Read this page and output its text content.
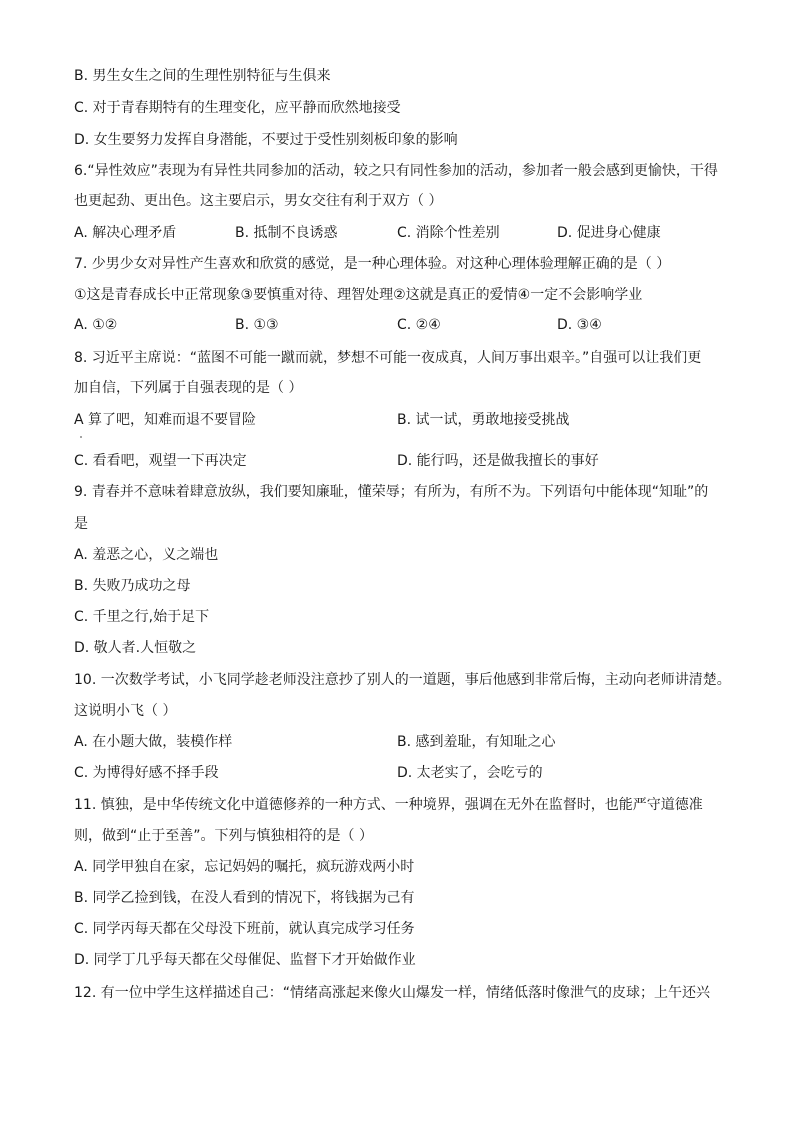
B. 男生女生之间的生理性别特征与生俱来
C. 对于青春期特有的生理变化，应平静而欣然地接受
D. 女生要努力发挥自身潜能，不要过于受性别刻板印象的影响
6.“异性效应”表现为有异性共同参加的活动，较之只有同性参加的活动，参加者一般会感到更愉快，干得
也更起劲、更出色。这主要启示，男女交往有利于双方（ ）
A. 解决心理矛盾	B. 抵制不良诱惑	C. 消除个性差别	D. 促进身心健康
7. 少男少女对异性产生喜欢和欣赏的感觉，是一种心理体验。对这种心理体验理解正确的是（ ）
①这是青春成长中正常现象③要慎重对待、理智处理②这就是真正的爱情④一定不会影响学业
A. ①②	B. ①③	C. ②④	D. ③④
8. 习近平主席说：“蓝图不可能一蹴而就，梦想不可能一夜成真，人间万事出艰辛。”自强可以让我们更
加自信，下列属于自强表现的是（ ）
A 算了吧，知难而退不要冒险	B. 试一试，勇敢地接受挑战
C. 看看吧，观望一下再决定	D. 能行吗，还是做我擅长的事好
9. 青春并不意味着肆意放纵，我们要知廉耻，懂荣辱；有所为，有所不为。下列语句中能体现“知耻”的
是
A. 羞恶之心，义之端也
B. 失败乃成功之母
C. 千里之行,始于足下
D. 敬人者.人恒敬之
10. 一次数学考试，小飞同学趁老师没注意抄了别人的一道题，事后他感到非常后悔，主动向老师讲清楚。
这说明小飞（ ）
A. 在小题大做，装模作样	B. 感到羞耻，有知耻之心
C. 为博得好感不择手段	D. 太老实了，会吃亏的
11. 慎独，是中华传统文化中道德修养的一种方式、一种境界，强调在无外在监督时，也能严守道德准
则，做到“止于至善”。下列与慎独相符的是（ ）
A. 同学甲独自在家，忘记妈妈的嘱托，疯玩游戏两小时
B. 同学乙捡到钱，在没人看到的情况下，将钱据为己有
C. 同学丙每天都在父母没下班前，就认真完成学习任务
D. 同学丁几乎每天都在父母催促、监督下才开始做作业
12. 有一位中学生这样描述自己：“情绪高涨起来像火山爆发一样，情绪低落时像泄气的皮球；上午还兴
